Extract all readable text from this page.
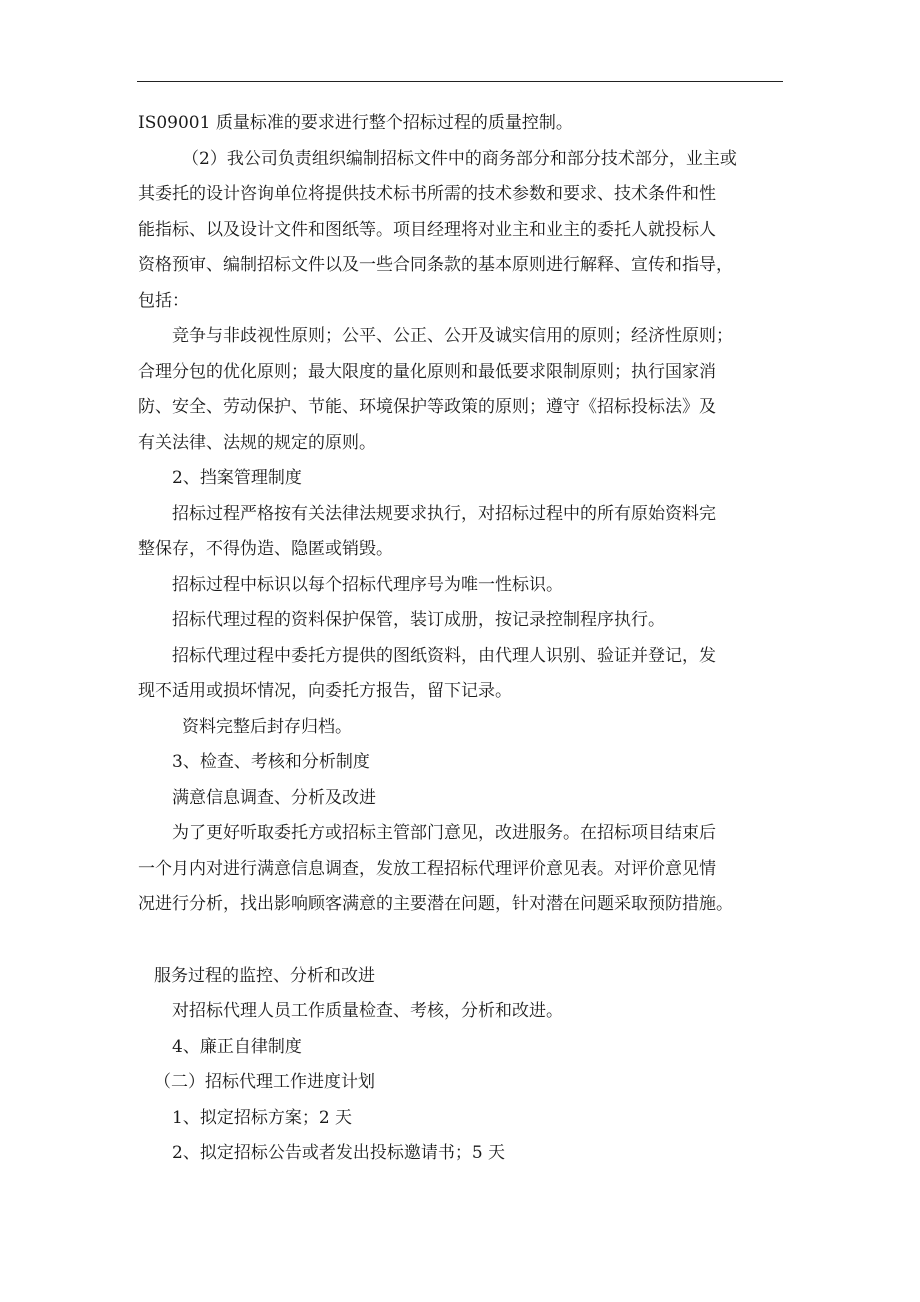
IS09001 质量标准的要求进行整个招标过程的质量控制。

（2）我公司负责组织编制招标文件中的商务部分和部分技术部分，业主或

其委托的设计咨询单位将提供技术标书所需的技术参数和要求、技术条件和性

能指标、以及设计文件和图纸等。项目经理将对业主和业主的委托人就投标人

资格预审、编制招标文件以及一些合同条款的基本原则进行解释、宣传和指导，

包括：

竞争与非歧视性原则；公平、公正、公开及诚实信用的原则；经济性原则；

合理分包的优化原则；最大限度的量化原则和最低要求限制原则；执行国家消

防、安全、劳动保护、节能、环境保护等政策的原则；遵守《招标投标法》及

有关法律、法规的规定的原则。

2、挡案管理制度

招标过程严格按有关法律法规要求执行，对招标过程中的所有原始资料完

整保存，不得伪造、隐匿或销毁。

招标过程中标识以每个招标代理序号为唯一性标识。

招标代理过程的资料保护保管，装订成册，按记录控制程序执行。

招标代理过程中委托方提供的图纸资料，由代理人识别、验证并登记，发

现不适用或损坏情况，向委托方报告，留下记录。

资料完整后封存归档。

3、检查、考核和分析制度

满意信息调查、分析及改进

为了更好听取委托方或招标主管部门意见，改进服务。在招标项目结束后

一个月内对进行满意信息调查，发放工程招标代理评价意见表。对评价意见情

况进行分析，找出影响顾客满意的主要潜在问题，针对潜在问题采取预防措施。

服务过程的监控、分析和改进

对招标代理人员工作质量检查、考核，分析和改进。

4、廉正自律制度

（二）招标代理工作进度计划

1、拟定招标方案；2 天

2、拟定招标公告或者发出投标邀请书；5 天
